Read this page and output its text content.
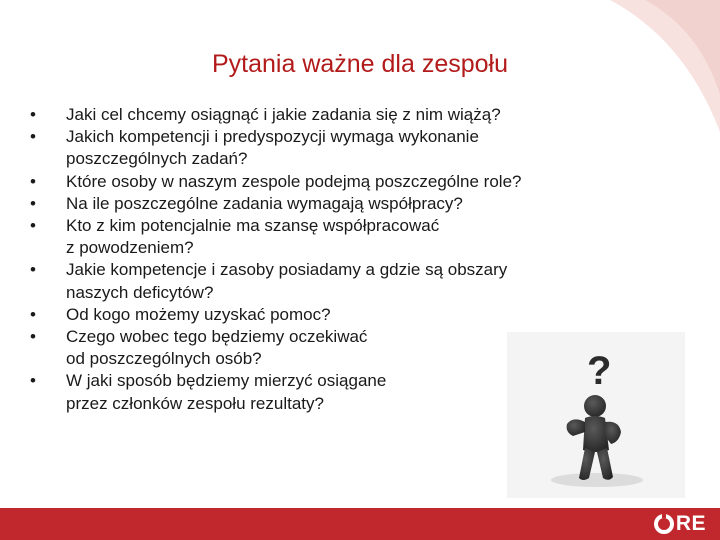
Pytania ważne dla zespołu
• Jaki cel chcemy osiągnąć i jakie zadania się z nim wiążą?
• Jakich kompetencji i predyspozycji wymaga wykonanie
poszczególnych zadań?
• Które osoby w naszym zespole podejmą poszczególne role?
• Na ile poszczególne zadania wymagają współpracy?
• Kto z kim potencjalnie ma szansę współpracować
z powodzeniem?
• Jakie kompetencje i zasoby posiadamy a gdzie są obszary
naszych deficytów?
• Od kogo możemy uzyskać pomoc?
• Czego wobec tego będziemy oczekiwać
od poszczególnych osób?
• W jaki sposób będziemy mierzyć osiągane
przez członków zespołu rezultaty?
?
RE
